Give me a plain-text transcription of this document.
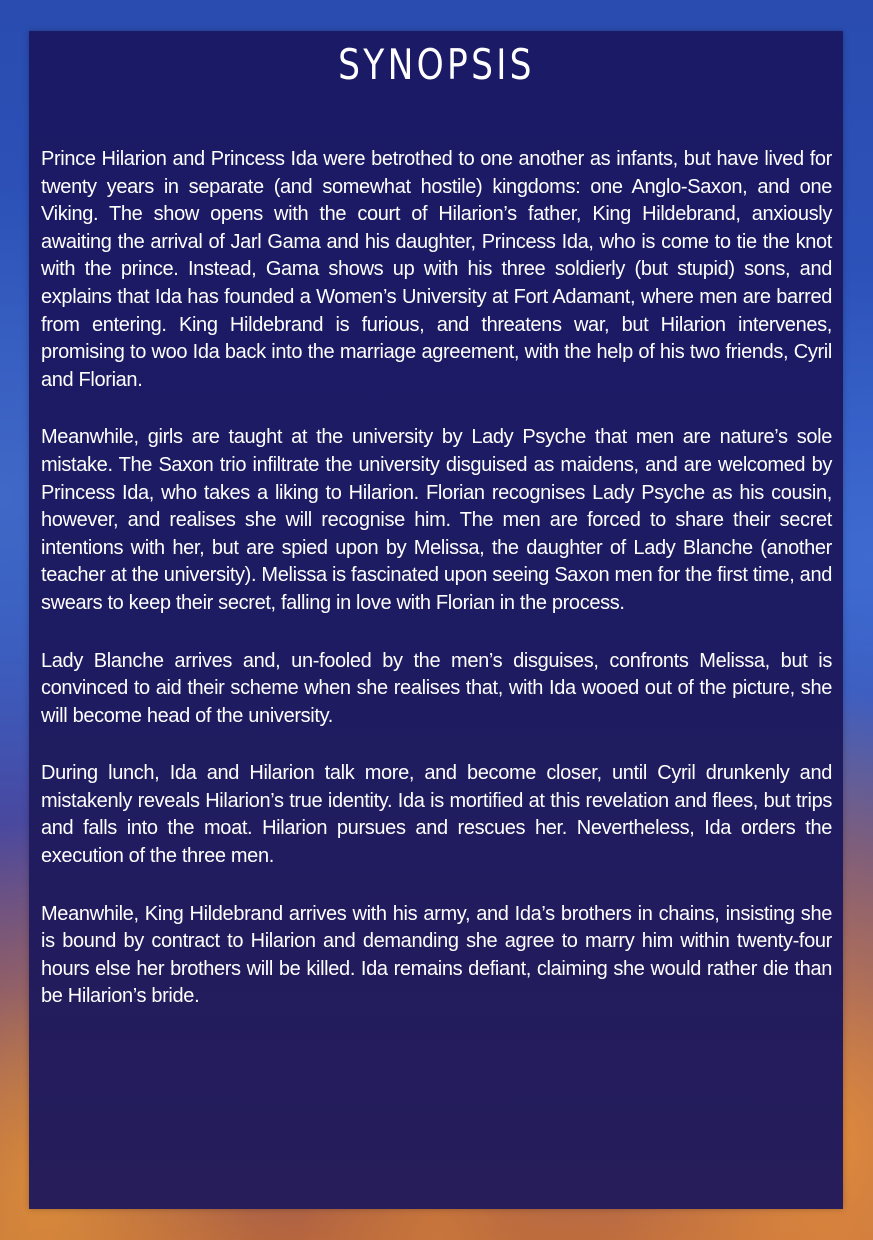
SYNOPSIS

Prince Hilarion and Princess Ida were betrothed to one another as infants, but have lived for twenty years in separate (and somewhat hostile) kingdoms: one Anglo-Saxon, and one Viking. The show opens with the court of Hilarion’s father, King Hildebrand, anxiously awaiting the arrival of Jarl Gama and his daughter, Princess Ida, who is come to tie the knot with the prince. Instead, Gama shows up with his three soldierly (but stupid) sons, and explains that Ida has founded a Women’s University at Fort Adamant, where men are barred from entering. King Hildebrand is furious, and threatens war, but Hilarion intervenes, promising to woo Ida back into the marriage agreement, with the help of his two friends, Cyril and Florian.

Meanwhile, girls are taught at the university by Lady Psyche that men are nature’s sole mistake. The Saxon trio infiltrate the university disguised as maidens, and are welcomed by Princess Ida, who takes a liking to Hilarion. Florian recognises Lady Psyche as his cousin, however, and realises she will recognise him. The men are forced to share their secret intentions with her, but are spied upon by Melissa, the daughter of Lady Blanche (another teacher at the university). Melissa is fascinated upon seeing Saxon men for the first time, and swears to keep their secret, falling in love with Florian in the process.

Lady Blanche arrives and, un-fooled by the men’s disguises, confronts Melissa, but is convinced to aid their scheme when she realises that, with Ida wooed out of the picture, she will become head of the university.

During lunch, Ida and Hilarion talk more, and become closer, until Cyril drunkenly and mistakenly reveals Hilarion’s true identity. Ida is mortified at this revelation and flees, but trips and falls into the moat. Hilarion pursues and rescues her. Nevertheless, Ida orders the execution of the three men.

Meanwhile, King Hildebrand arrives with his army, and Ida’s brothers in chains, insisting she is bound by contract to Hilarion and demanding she agree to marry him within twenty-four hours else her brothers will be killed. Ida remains defiant, claiming she would rather die than be Hilarion’s bride.
